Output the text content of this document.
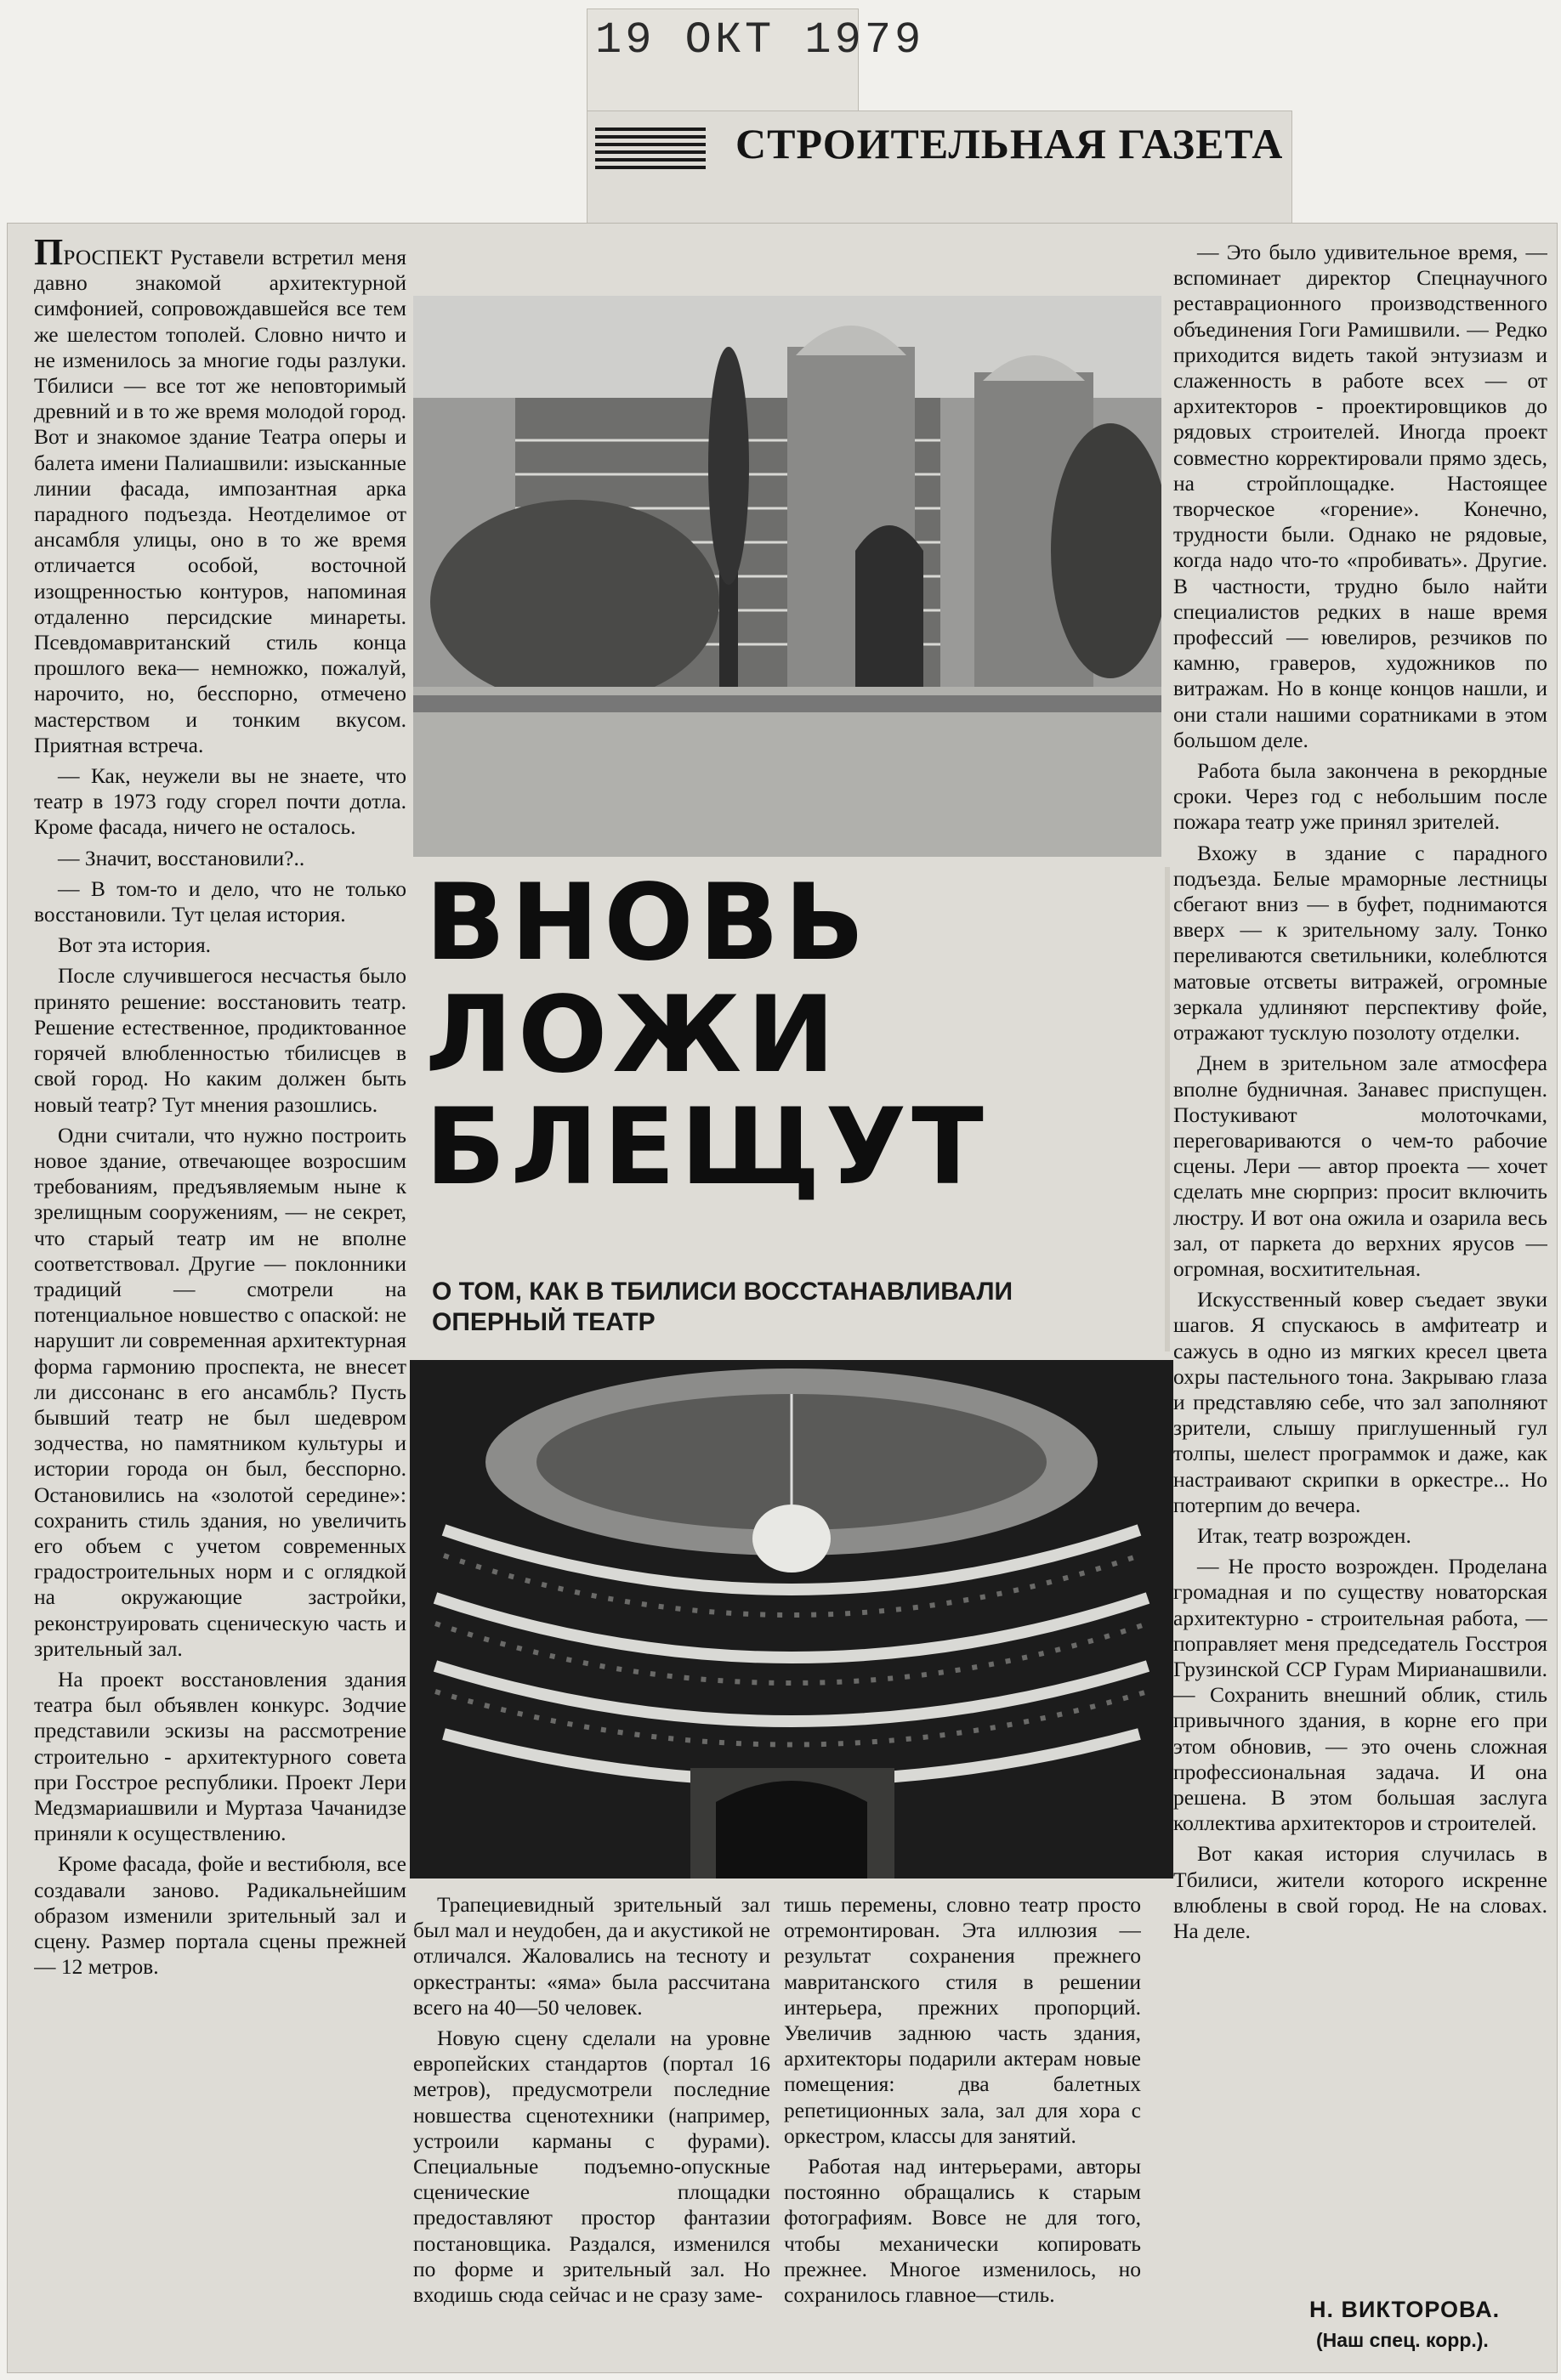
19 ОКТ 1979
СТРОИТЕЛЬНАЯ ГАЗЕТА

ПРОСПЕКТ Руставели встретил меня давно знакомой архитектурной симфонией, сопровождавшейся все тем же шелестом тополей. Словно ничто и не изменилось за многие годы разлуки. Тбилиси — все тот же неповторимый древний и в то же время молодой город. Вот и знакомое здание Театра оперы и балета имени Палиашвили: изысканные линии фасада, импозантная арка парадного подъезда. Неотделимое от ансамбля улицы, оно в то же время отличается особой, восточной изощренностью контуров, напоминая отдаленно персидские минареты. Псевдомавританский стиль конца прошлого века— немножко, пожалуй, нарочито, но, бесспорно, отмечено мастерством и тонким вкусом. Приятная встреча.

— Как, неужели вы не знаете, что театр в 1973 году сгорел почти дотла. Кроме фасада, ничего не осталось.

— Значит, восстановили?..

— В том-то и дело, что не только восстановили. Тут целая история.

Вот эта история.

После случившегося несчастья было принято решение: восстановить театр. Решение естественное, продиктованное горячей влюбленностью тбилисцев в свой город. Но каким должен быть новый театр? Тут мнения разошлись.

Одни считали, что нужно построить новое здание, отвечающее возросшим требованиям, предъявляемым ныне к зрелищным сооружениям, — не секрет, что старый театр им не вполне соответствовал. Другие — поклонники традиций — смотрели на потенциальное новшество с опаской: не нарушит ли современная архитектурная форма гармонию проспекта, не внесет ли диссонанс в его ансамбль? Пусть бывший театр не был шедевром зодчества, но памятником культуры и истории города он был, бесспорно. Остановились на «золотой середине»: сохранить стиль здания, но увеличить его объем с учетом современных градостроительных норм и с оглядкой на окружающие застройки, реконструировать сценическую часть и зрительный зал.

На проект восстановления здания театра был объявлен конкурс. Зодчие представили эскизы на рассмотрение строительно - архитектурного совета при Госстрое республики. Проект Лери Медзмариашвили и Муртаза Чачанидзе приняли к осуществлению.

Кроме фасада, фойе и вестибюля, все создавали заново. Радикальнейшим образом изменили зрительный зал и сцену. Размер портала сцены прежней — 12 метров.

ВНОВЬ
ЛОЖИ
БЛЕЩУТ
О ТОМ, КАК В ТБИЛИСИ ВОССТАНАВЛИВАЛИ
ОПЕРНЫЙ ТЕАТР

Трапециевидный зрительный зал был мал и неудобен, да и акустикой не отличался. Жаловались на тесноту и оркестранты: «яма» была рассчитана всего на 40—50 человек.

Новую сцену сделали на уровне европейских стандартов (портал 16 метров), предусмотрели последние новшества сценотехники (например, устроили карманы с фурами). Специальные подъемно-опускные сценические площадки предоставляют простор фантазии постановщика. Раздался, изменился по форме и зрительный зал. Но входишь сюда сейчас и не сразу заме-

тишь перемены, словно театр просто отремонтирован. Эта иллюзия — результат сохранения прежнего мавританского стиля в решении интерьера, прежних пропорций. Увеличив заднюю часть здания, архитекторы подарили актерам новые помещения: два балетных репетиционных зала, зал для хора с оркестром, классы для занятий.

Работая над интерьерами, авторы постоянно обращались к старым фотографиям. Вовсе не для того, чтобы механически копировать прежнее. Многое изменилось, но сохранилось главное—стиль.

— Это было удивительное время, — вспоминает директор Спецнаучного реставрационного производственного объединения Гоги Рамишвили. — Редко приходится видеть такой энтузиазм и слаженность в работе всех — от архитекторов - проектировщиков до рядовых строителей. Иногда проект совместно корректировали прямо здесь, на стройплощадке. Настоящее творческое «горение». Конечно, трудности были. Однако не рядовые, когда надо что-то «пробивать». Другие. В частности, трудно было найти специалистов редких в наше время профессий — ювелиров, резчиков по камню, граверов, художников по витражам. Но в конце концов нашли, и они стали нашими соратниками в этом большом деле.

Работа была закончена в рекордные сроки. Через год с небольшим после пожара театр уже принял зрителей.

Вхожу в здание с парадного подъезда. Белые мраморные лестницы сбегают вниз — в буфет, поднимаются вверх — к зрительному залу. Тонко переливаются светильники, колеблются матовые отсветы витражей, огромные зеркала удлиняют перспективу фойе, отражают тусклую позолоту отделки.

Днем в зрительном зале атмосфера вполне будничная. Занавес приспущен. Постукивают молоточками, переговариваются о чем-то рабочие сцены. Лери — автор проекта — хочет сделать мне сюрприз: просит включить люстру. И вот она ожила и озарила весь зал, от паркета до верхних ярусов — огромная, восхитительная.

Искусственный ковер съедает звуки шагов. Я спускаюсь в амфитеатр и сажусь в одно из мягких кресел цвета охры пастельного тона. Закрываю глаза и представляю себе, что зал заполняют зрители, слышу приглушенный гул толпы, шелест программок и даже, как настраивают скрипки в оркестре... Но потерпим до вечера.

Итак, театр возрожден.

— Не просто возрожден. Проделана громадная и по существу новаторская архитектурно - строительная работа, — поправляет меня председатель Госстроя Грузинской ССР Гурам Мирианашвили. — Сохранить внешний облик, стиль привычного здания, в корне его при этом обновив, — это очень сложная профессиональная задача. И она решена. В этом большая заслуга коллектива архитекторов и строителей.

Вот какая история случилась в Тбилиси, жители которого искренне влюблены в свой город. Не на словах. На деле.

Н. ВИКТОРОВА.
(Наш спец. корр.).
